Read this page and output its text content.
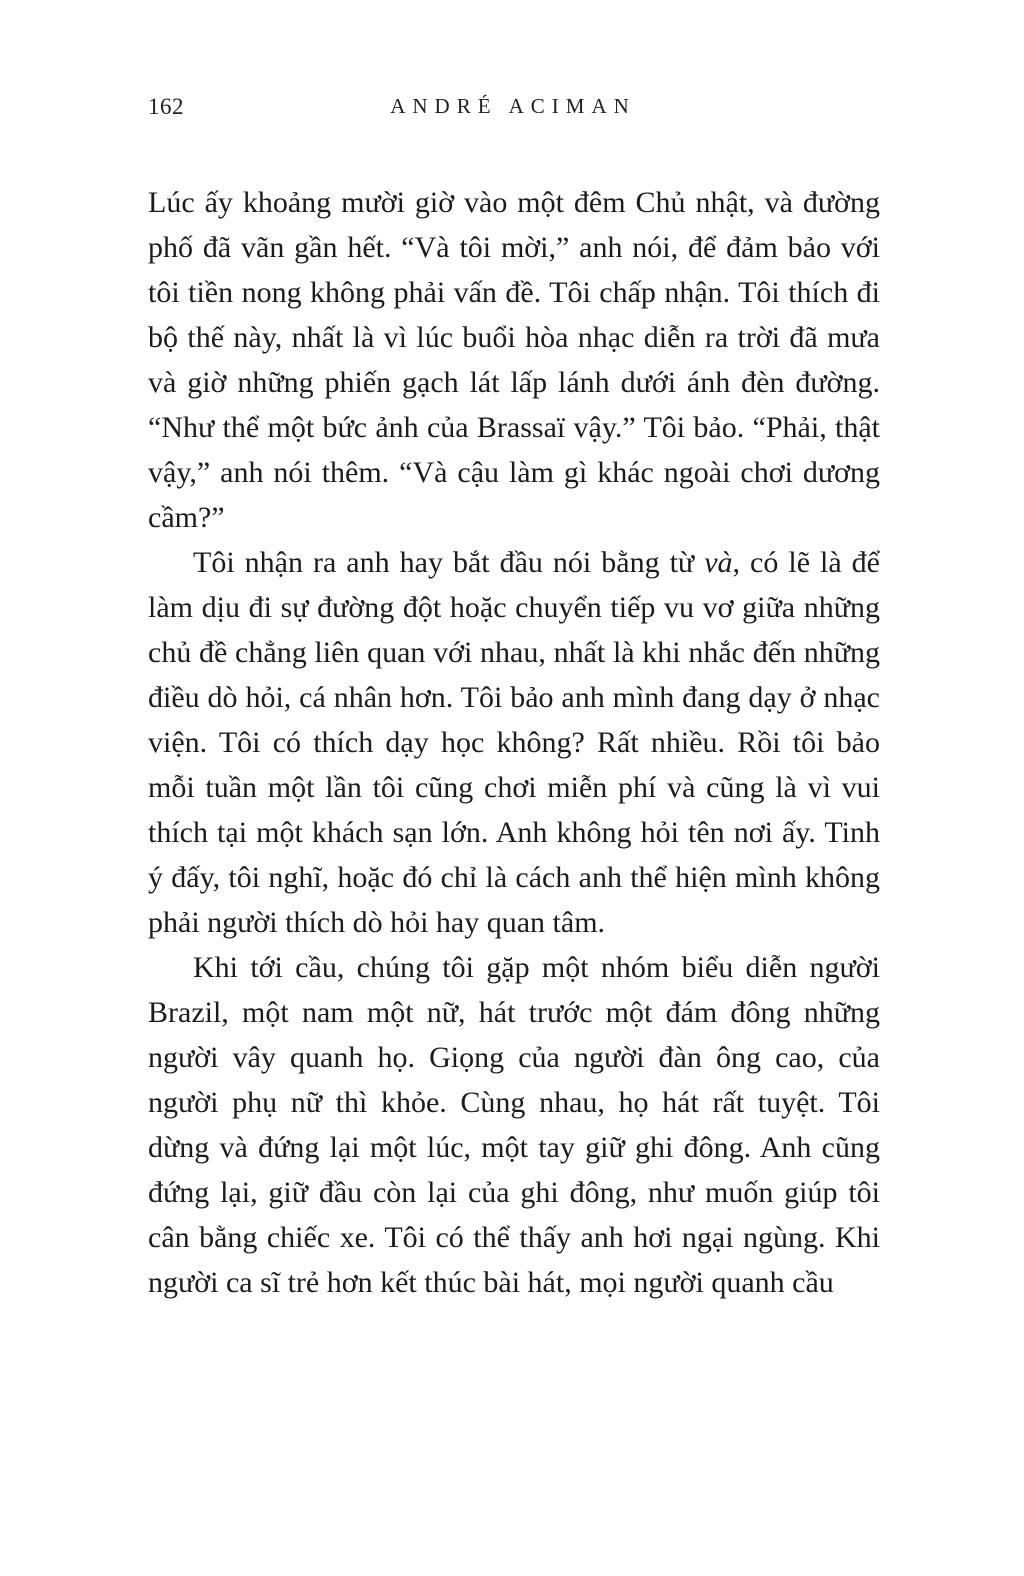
162	ANDRÉ ACIMAN

Lúc ấy khoảng mười giờ vào một đêm Chủ nhật, và đường phố đã vãn gần hết. “Và tôi mời,” anh nói, để đảm bảo với tôi tiền nong không phải vấn đề. Tôi chấp nhận. Tôi thích đi bộ thế này, nhất là vì lúc buổi hòa nhạc diễn ra trời đã mưa và giờ những phiến gạch lát lấp lánh dưới ánh đèn đường. “Như thể một bức ảnh của Brassaï vậy.” Tôi bảo. “Phải, thật vậy,” anh nói thêm. “Và cậu làm gì khác ngoài chơi dương cầm?”

Tôi nhận ra anh hay bắt đầu nói bằng từ và, có lẽ là để làm dịu đi sự đường đột hoặc chuyển tiếp vu vơ giữa những chủ đề chẳng liên quan với nhau, nhất là khi nhắc đến những điều dò hỏi, cá nhân hơn. Tôi bảo anh mình đang dạy ở nhạc viện. Tôi có thích dạy học không? Rất nhiều. Rồi tôi bảo mỗi tuần một lần tôi cũng chơi miễn phí và cũng là vì vui thích tại một khách sạn lớn. Anh không hỏi tên nơi ấy. Tinh ý đấy, tôi nghĩ, hoặc đó chỉ là cách anh thể hiện mình không phải người thích dò hỏi hay quan tâm.

Khi tới cầu, chúng tôi gặp một nhóm biểu diễn người Brazil, một nam một nữ, hát trước một đám đông những người vây quanh họ. Giọng của người đàn ông cao, của người phụ nữ thì khỏe. Cùng nhau, họ hát rất tuyệt. Tôi dừng và đứng lại một lúc, một tay giữ ghi đông. Anh cũng đứng lại, giữ đầu còn lại của ghi đông, như muốn giúp tôi cân bằng chiếc xe. Tôi có thể thấy anh hơi ngại ngùng. Khi người ca sĩ trẻ hơn kết thúc bài hát, mọi người quanh cầu
